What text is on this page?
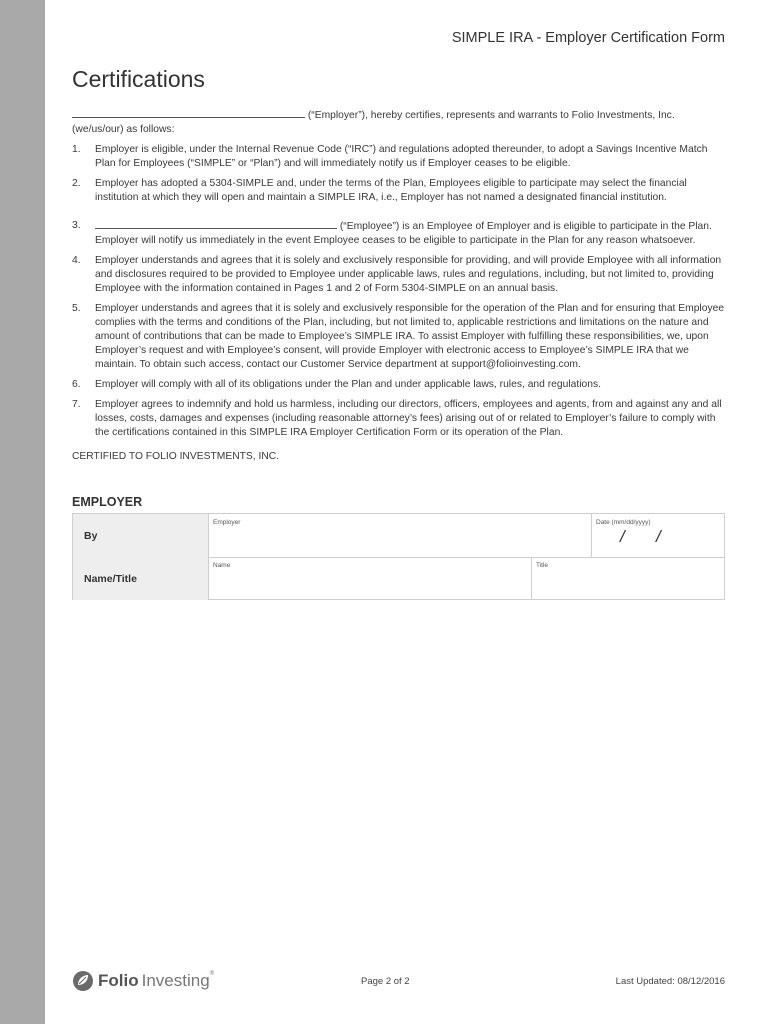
SIMPLE IRA - Employer Certification Form
Certifications

(“Employer”), hereby certifies, represents and warrants to Folio Investments, Inc.
(we/us/our) as follows:

1.	Employer is eligible, under the Internal Revenue Code (“IRC”) and regulations adopted thereunder, to adopt a Savings Incentive Match Plan for Employees (“SIMPLE” or “Plan”) and will immediately notify us if Employer ceases to be eligible.
2.	Employer has adopted a 5304-SIMPLE and, under the terms of the Plan, Employees eligible to participate may select the financial institution at which they will open and maintain a SIMPLE IRA, i.e., Employer has not named a designated financial institution.
3.	(“Employee”) is an Employee of Employer and is eligible to participate in the Plan.
Employer will notify us immediately in the event Employee ceases to be eligible to participate in the Plan for any reason whatsoever.
4.	Employer understands and agrees that it is solely and exclusively responsible for providing, and will provide Employee with all information and disclosures required to be provided to Employee under applicable laws, rules and regulations, including, but not limited to, providing Employee with the information contained in Pages 1 and 2 of Form 5304-SIMPLE on an annual basis.
5.	Employer understands and agrees that it is solely and exclusively responsible for the operation of the Plan and for ensuring that Employee complies with the terms and conditions of the Plan, including, but not limited to, applicable restrictions and limitations on the nature and amount of contributions that can be made to Employee’s SIMPLE IRA. To assist Employer with fulfilling these responsibilities, we, upon Employer’s request and with Employee’s consent, will provide Employer with electronic access to Employee’s SIMPLE IRA that we maintain. To obtain such access, contact our Customer Service department at support@folioinvesting.com.
6.	Employer will comply with all of its obligations under the Plan and under applicable laws, rules, and regulations.
7.	Employer agrees to indemnify and hold us harmless, including our directors, officers, employees and agents, from and against any and all losses, costs, damages and expenses (including reasonable attorney’s fees) arising out of or related to Employer’s failure to comply with the certifications contained in this SIMPLE IRA Employer Certification Form or its operation of the Plan.

CERTIFIED TO FOLIO INVESTMENTS, INC.

EMPLOYER
By
Employer	Date (mm/dd/yyyy)
/ /
Name/Title
Name	Title
Folio Investing®
Page 2 of 2	Last Updated: 08/12/2016
